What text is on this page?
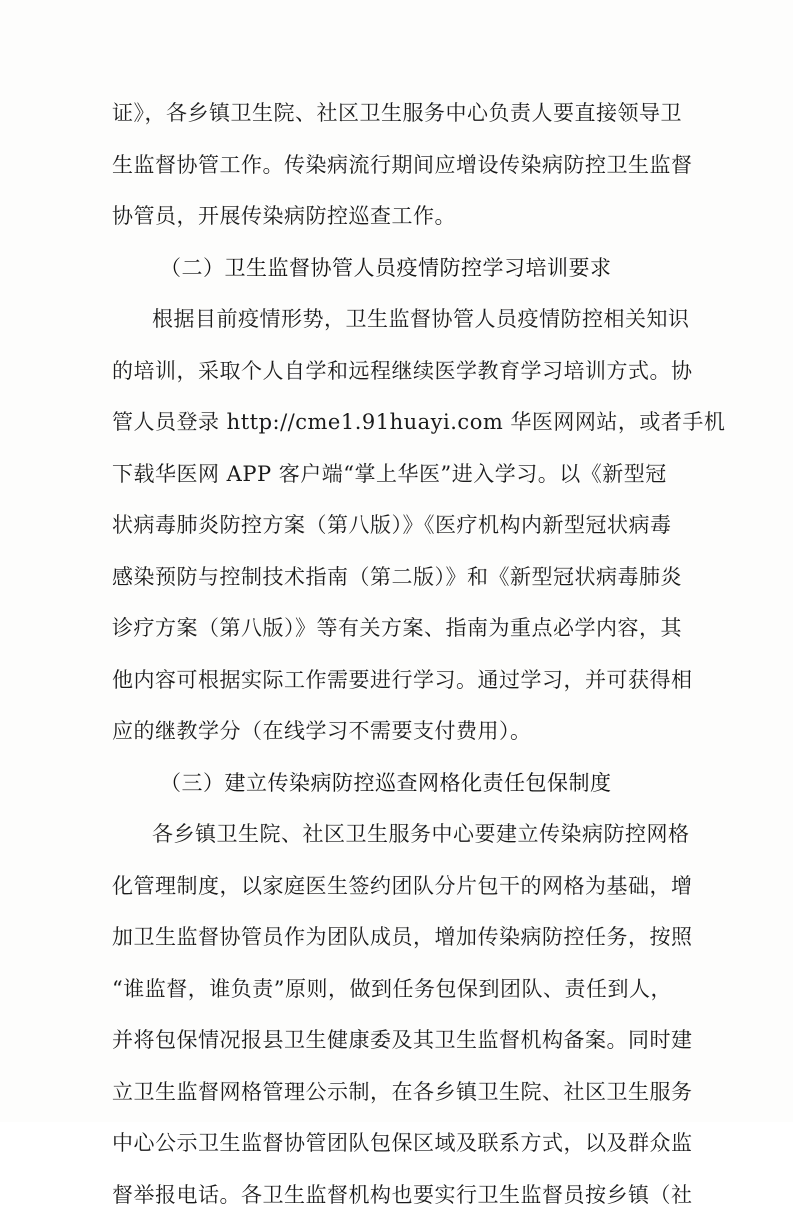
证》，各乡镇卫生院、社区卫生服务中心负责人要直接领导卫
生监督协管工作。传染病流行期间应增设传染病防控卫生监督
协管员，开展传染病防控巡查工作。
（二）卫生监督协管人员疫情防控学习培训要求
根据目前疫情形势，卫生监督协管人员疫情防控相关知识
的培训，采取个人自学和远程继续医学教育学习培训方式。协
管人员登录 http://cme1.91huayi.com 华医网网站，或者手机
下载华医网 APP 客户端“掌上华医”进入学习。以《新型冠
状病毒肺炎防控方案（第八版）》《医疗机构内新型冠状病毒
感染预防与控制技术指南（第二版）》和《新型冠状病毒肺炎
诊疗方案（第八版）》等有关方案、指南为重点必学内容，其
他内容可根据实际工作需要进行学习。通过学习，并可获得相
应的继教学分（在线学习不需要支付费用）。
（三）建立传染病防控巡查网格化责任包保制度
各乡镇卫生院、社区卫生服务中心要建立传染病防控网格
化管理制度，以家庭医生签约团队分片包干的网格为基础，增
加卫生监督协管员作为团队成员，增加传染病防控任务，按照
“谁监督，谁负责”原则，做到任务包保到团队、责任到人，
并将包保情况报县卫生健康委及其卫生监督机构备案。同时建
立卫生监督网格管理公示制，在各乡镇卫生院、社区卫生服务
中心公示卫生监督协管团队包保区域及联系方式，以及群众监
督举报电话。各卫生监督机构也要实行卫生监督员按乡镇（社
